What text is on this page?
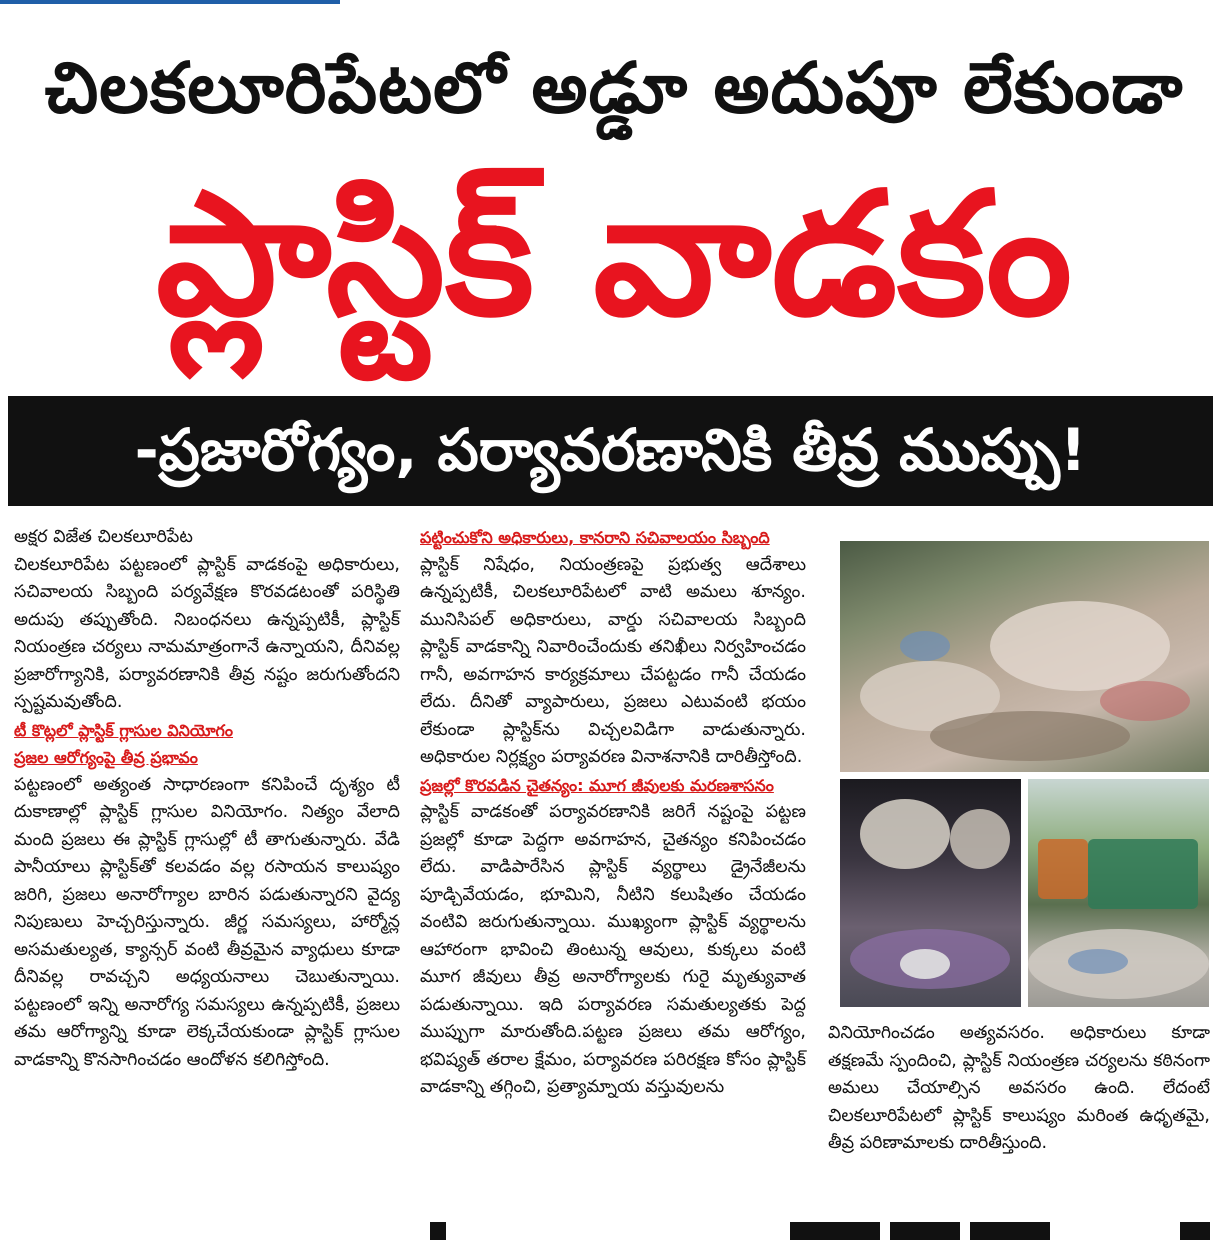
చిలకలూరిపేటలో అడ్డూ అదుపూ లేకుండా
ప్లాస్టిక్ వాడకం
-ప్రజారోగ్యం, పర్యావరణానికి తీవ్ర ముప్పు!

అక్షర విజేత చిలకలూరిపేట

చిలకలూరిపేట పట్టణంలో ప్లాస్టిక్ వాడకంపై అధికారులు, సచివాలయ సిబ్బంది పర్యవేక్షణ కొరవడటంతో పరిస్థితి అదుపు తప్పుతోంది. నిబంధనలు ఉన్నప్పటికీ, ప్లాస్టిక్ నియంత్రణ చర్యలు నామమాత్రంగానే ఉన్నాయని, దీనివల్ల ప్రజారోగ్యానికి, పర్యావరణానికి తీవ్ర నష్టం జరుగుతోందని స్పష్టమవుతోంది.

టీ కొట్లలో ప్లాస్టిక్ గ్లాసుల వినియోగం

ప్రజల ఆరోగ్యంపై తీవ్ర ప్రభావం

పట్టణంలో అత్యంత సాధారణంగా కనిపించే దృశ్యం టీ దుకాణాల్లో ప్లాస్టిక్ గ్లాసుల వినియోగం. నిత్యం వేలాది మంది ప్రజలు ఈ ప్లాస్టిక్ గ్లాసుల్లో టీ తాగుతున్నారు. వేడి పానీయాలు ప్లాస్టిక్‌తో కలవడం వల్ల రసాయన కాలుష్యం జరిగి, ప్రజలు అనారోగ్యాల బారిన పడుతున్నారని వైద్య నిపుణులు హెచ్చరిస్తున్నారు. జీర్ణ సమస్యలు, హార్మోన్ల అసమతుల్యత, క్యాన్సర్ వంటి తీవ్రమైన వ్యాధులు కూడా దీనివల్ల రావచ్చని అధ్యయనాలు చెబుతున్నాయి. పట్టణంలో ఇన్ని అనారోగ్య సమస్యలు ఉన్నప్పటికీ, ప్రజలు తమ ఆరోగ్యాన్ని కూడా లెక్కచేయకుండా ప్లాస్టిక్ గ్లాసుల వాడకాన్ని కొనసాగించడం ఆందోళన కలిగిస్తోంది.

పట్టించుకోని అధికారులు, కానరాని సచివాలయం సిబ్బంది

ప్లాస్టిక్ నిషేధం, నియంత్రణపై ప్రభుత్వ ఆదేశాలు ఉన్నప్పటికీ, చిలకలూరిపేటలో వాటి అమలు శూన్యం. మునిసిపల్ అధికారులు, వార్డు సచివాలయ సిబ్బంది ప్లాస్టిక్ వాడకాన్ని నివారించేందుకు తనిఖీలు నిర్వహించడం గానీ, అవగాహన కార్యక్రమాలు చేపట్టడం గానీ చేయడం లేదు. దీనితో వ్యాపారులు, ప్రజలు ఎటువంటి భయం లేకుండా ప్లాస్టిక్‌ను విచ్చలవిడిగా వాడుతున్నారు. అధికారుల నిర్లక్ష్యం పర్యావరణ వినాశనానికి దారితీస్తోంది.

ప్రజల్లో కొరవడిన చైతన్యం: మూగ జీవులకు మరణశాసనం

ప్లాస్టిక్ వాడకంతో పర్యావరణానికి జరిగే నష్టంపై పట్టణ ప్రజల్లో కూడా పెద్దగా అవగాహన, చైతన్యం కనిపించడం లేదు. వాడిపారేసిన ప్లాస్టిక్ వ్యర్థాలు డ్రైనేజీలను పూడ్చివేయడం, భూమిని, నీటిని కలుషితం చేయడం వంటివి జరుగుతున్నాయి. ముఖ్యంగా ప్లాస్టిక్ వ్యర్థాలను ఆహారంగా భావించి తింటున్న ఆవులు, కుక్కలు వంటి మూగ జీవులు తీవ్ర అనారోగ్యాలకు గురై మృత్యువాత పడుతున్నాయి. ఇది పర్యావరణ సమతుల్యతకు పెద్ద ముప్పుగా మారుతోంది.పట్టణ ప్రజలు తమ ఆరోగ్యం, భవిష్యత్ తరాల క్షేమం, పర్యావరణ పరిరక్షణ కోసం ప్లాస్టిక్ వాడకాన్ని తగ్గించి, ప్రత్యామ్నాయ వస్తువులను

వినియోగించడం అత్యవసరం. అధికారులు కూడా తక్షణమే స్పందించి, ప్లాస్టిక్ నియంత్రణ చర్యలను కఠినంగా అమలు చేయాల్సిన అవసరం ఉంది. లేదంటే చిలకలూరిపేటలో ప్లాస్టిక్ కాలుష్యం మరింత ఉధృతమై, తీవ్ర పరిణామాలకు దారితీస్తుంది.
